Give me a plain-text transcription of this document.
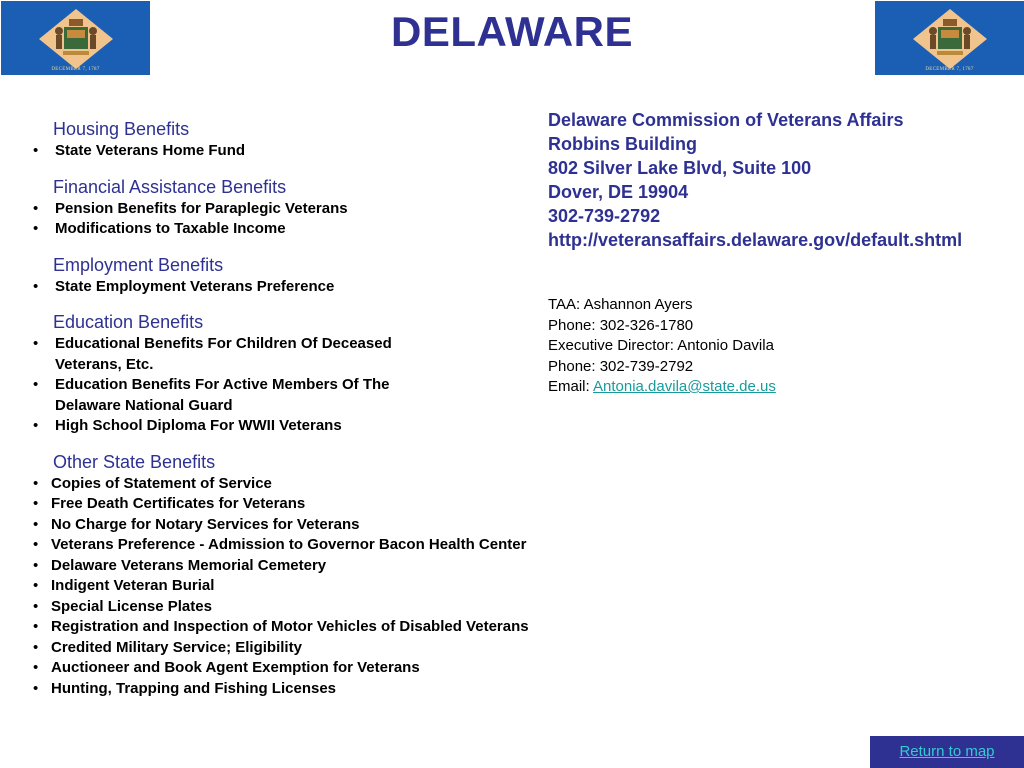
DECEMBER 7, 1787
DELAWARE
DECEMBER 7, 1787
Housing Benefits
• State Veterans Home Fund
Financial Assistance Benefits
• Pension Benefits for Paraplegic Veterans
• Modifications to Taxable Income
Employment Benefits
• State Employment Veterans Preference
Education Benefits
• Educational Benefits For Children Of Deceased Veterans, Etc.
• Education Benefits For Active Members Of The Delaware National Guard
• High School Diploma For WWII Veterans
Other State Benefits
• Copies of Statement of Service
• Free Death Certificates for Veterans
• No Charge for Notary Services for Veterans
• Veterans Preference - Admission to Governor Bacon Health Center
• Delaware Veterans Memorial Cemetery
• Indigent Veteran Burial
• Special License Plates
• Registration and Inspection of Motor Vehicles of Disabled Veterans
• Credited Military Service; Eligibility
• Auctioneer and Book Agent Exemption for Veterans
• Hunting, Trapping and Fishing Licenses
Delaware Commission of Veterans Affairs
Robbins Building
802 Silver Lake Blvd, Suite 100
Dover, DE 19904
302-739-2792
http://veteransaffairs.delaware.gov/default.shtml
TAA: Ashannon Ayers
Phone: 302-326-1780
Executive Director: Antonio Davila
Phone: 302-739-2792
Email: Antonia.davila@state.de.us
Return to map
